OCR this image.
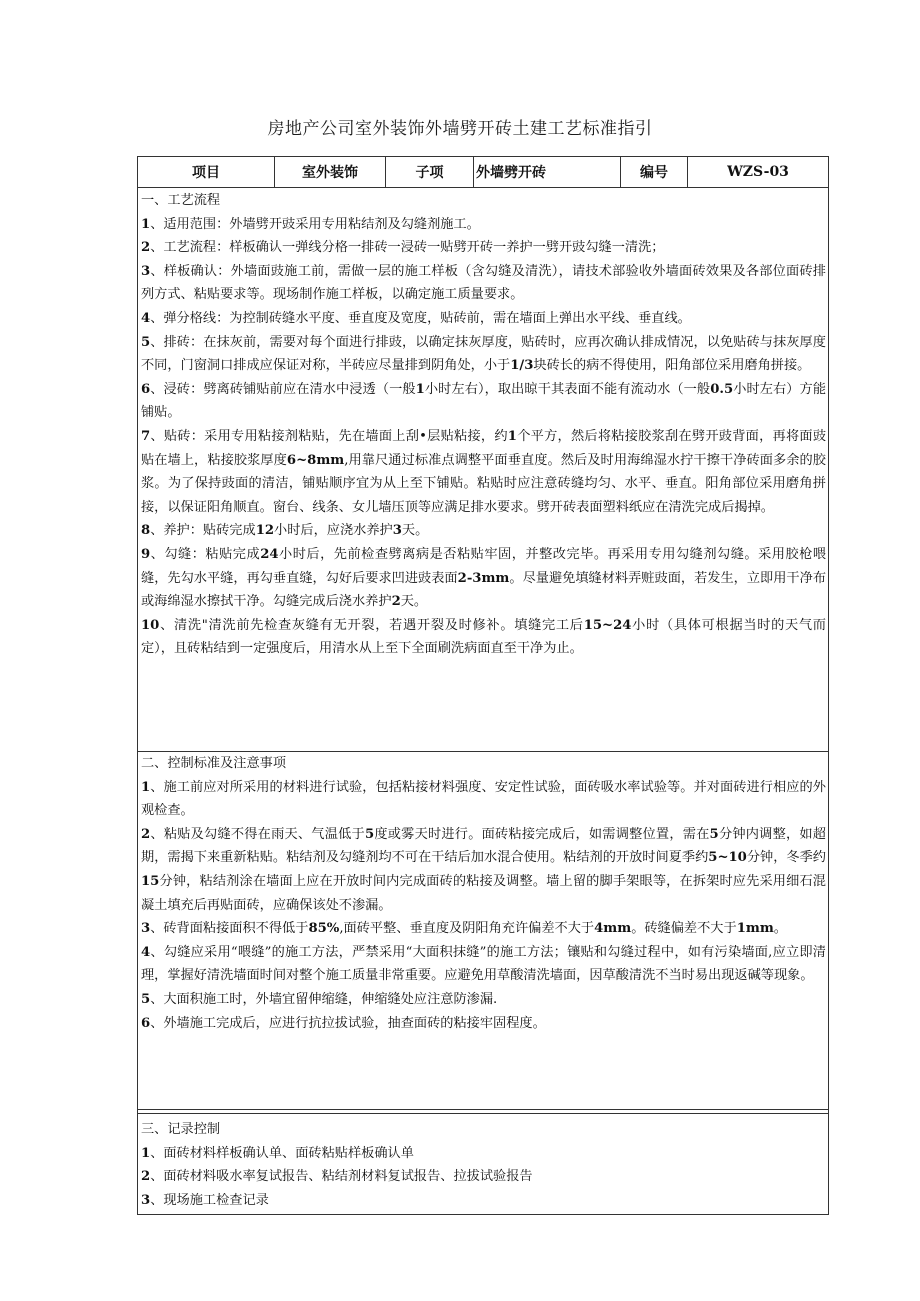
房地产公司室外装饰外墙劈开砖土建工艺标准指引
项目	室外装饰	子项	外墙劈开砖	编号	WZS-03
一、工艺流程
1、适用范围：外墙劈开豉采用专用粘结剂及勾缝剂施工。
2、工艺流程：样板确认一弹线分格一排砖一浸砖一贴劈开砖一养护一劈开豉勾缝一清洗；
3、样板确认：外墙面豉施工前，需做一层的施工样板（含勾缝及清洗），请技术部验收外墙面砖效果及各部位面砖排列方式、粘贴要求等。现场制作施工样板，以确定施工质量要求。
4、弹分格线：为控制砖缝水平度、垂直度及宽度，贴砖前，需在墙面上弹出水平线、垂直线。
5、排砖：在抹灰前，需要对每个面进行排豉，以确定抹灰厚度，贴砖时，应再次确认排成情况，以免贴砖与抹灰厚度不同，门窗洞口排成应保证对称，半砖应尽量排到阴角处，小于1/3块砖长的病不得使用，阳角部位采用磨角拼接。
6、浸砖：劈离砖铺贴前应在清水中浸透（一般1小时左右），取出晾干其表面不能有流动水（一般0.5小时左右）方能铺贴。
7、贴砖：采用专用粘接剂粘贴，先在墙面上刮•层贴粘接，约1个平方，然后将粘接胶浆刮在劈开豉背面，再将面豉贴在墙上，粘接胶浆厚度6~8mm,用靠尺通过标准点调整平面垂直度。然后及时用海绵湿水拧干擦干净砖面多余的胶浆。为了保持豉面的清洁，铺贴顺序宜为从上至下铺贴。粘贴时应注意砖缝均匀、水平、垂直。阳角部位采用磨角拼接，以保证阳角顺直。窗台、线条、女儿墙压顶等应满足排水要求。劈开砖表面塑料纸应在清洗完成后揭掉。
8、养护：贴砖完成12小时后，应浇水养护3天。
9、勾缝：粘贴完成24小时后，先前检查劈离病是否粘贴牢固，并整改完毕。再采用专用勾缝剂勾缝。采用胶枪喂缝，先勾水平缝，再勾垂直缝，勾好后要求凹进豉表面2-3mm。尽量避免填缝材料弄赃豉面，若发生，立即用干净布或海绵湿水擦拭干净。勾缝完成后浇水养护2天。
10、清洗"清洗前先检查灰缝有无开裂，若遇开裂及时修补。填缝完工后15~24小时（具体可根据当时的天气而定），且砖粘结到一定强度后，用清水从上至下全面刷洗病面直至干净为止。
二、控制标准及注意事项
1、施工前应对所采用的材料进行试验，包括粘接材料强度、安定性试验，面砖吸水率试验等。并对面砖进行相应的外观检查。
2、粘贴及勾缝不得在雨天、气温低于5度或雾天时进行。面砖粘接完成后，如需调整位置，需在5分钟内调整，如超期，需揭下来重新粘贴。粘结剂及勾缝剂均不可在干结后加水混合使用。粘结剂的开放时间夏季约5~10分钟，冬季约15分钟，粘结剂涂在墙面上应在开放时间内完成面砖的粘接及调整。墙上留的脚手架眼等，在拆架时应先采用细石混凝土填充后再贴面砖，应确保该处不渗漏。
3、砖背面粘接面积不得低于85%,面砖平整、垂直度及阴阳角充许偏差不大于4mm。砖缝偏差不大于1mm。
4、勾缝应采用“喂缝”的施工方法，严禁采用“大面积抹缝”的施工方法；镶贴和勾缝过程中，如有污染墙面,应立即清理，掌握好清洗墙面时间对整个施工质量非常重要。应避免用草酸清洗墙面，因草酸清洗不当时易出现返碱等现象。
5、大面积施工时，外墙宜留伸缩缝，伸缩缝处应注意防渗漏.
6、外墙施工完成后，应进行抗拉拔试验，抽查面砖的粘接牢固程度。
三、记录控制
1、面砖材料样板确认单、面砖粘贴样板确认单
2、面砖材料吸水率复试报告、粘结剂材料复试报告、拉拔试验报告
3、现场施工检查记录
